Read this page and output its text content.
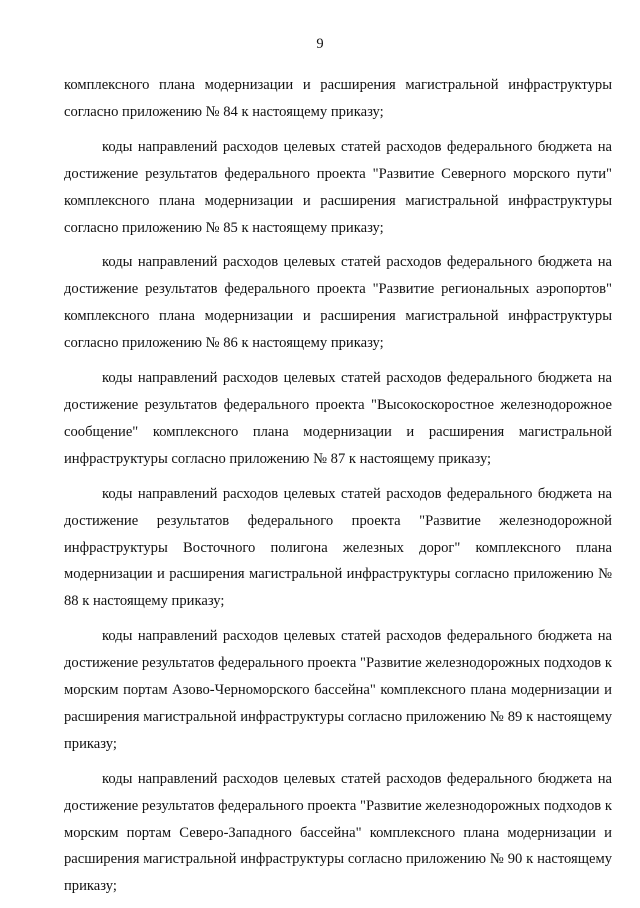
9

комплексного плана модернизации и расширения магистральной инфраструктуры согласно приложению № 84 к настоящему приказу;

коды направлений расходов целевых статей расходов федерального бюджета на достижение результатов федерального проекта "Развитие Северного морского пути" комплексного плана модернизации и расширения магистральной инфраструктуры согласно приложению № 85 к настоящему приказу;

коды направлений расходов целевых статей расходов федерального бюджета на достижение результатов федерального проекта "Развитие региональных аэропортов" комплексного плана модернизации и расширения магистральной инфраструктуры согласно приложению № 86 к настоящему приказу;

коды направлений расходов целевых статей расходов федерального бюджета на достижение результатов федерального проекта "Высокоскоростное железнодорожное сообщение" комплексного плана модернизации и расширения магистральной инфраструктуры согласно приложению № 87 к настоящему приказу;

коды направлений расходов целевых статей расходов федерального бюджета на достижение результатов федерального проекта "Развитие железнодорожной инфраструктуры Восточного полигона железных дорог" комплексного плана модернизации и расширения магистральной инфраструктуры согласно приложению № 88 к настоящему приказу;

коды направлений расходов целевых статей расходов федерального бюджета на достижение результатов федерального проекта "Развитие железнодорожных подходов к морским портам Азово-Черноморского бассейна" комплексного плана модернизации и расширения магистральной инфраструктуры согласно приложению № 89 к настоящему приказу;

коды направлений расходов целевых статей расходов федерального бюджета на достижение результатов федерального проекта "Развитие железнодорожных подходов к морским портам Северо-Западного бассейна" комплексного плана модернизации и расширения магистральной инфраструктуры согласно приложению № 90 к настоящему приказу;
